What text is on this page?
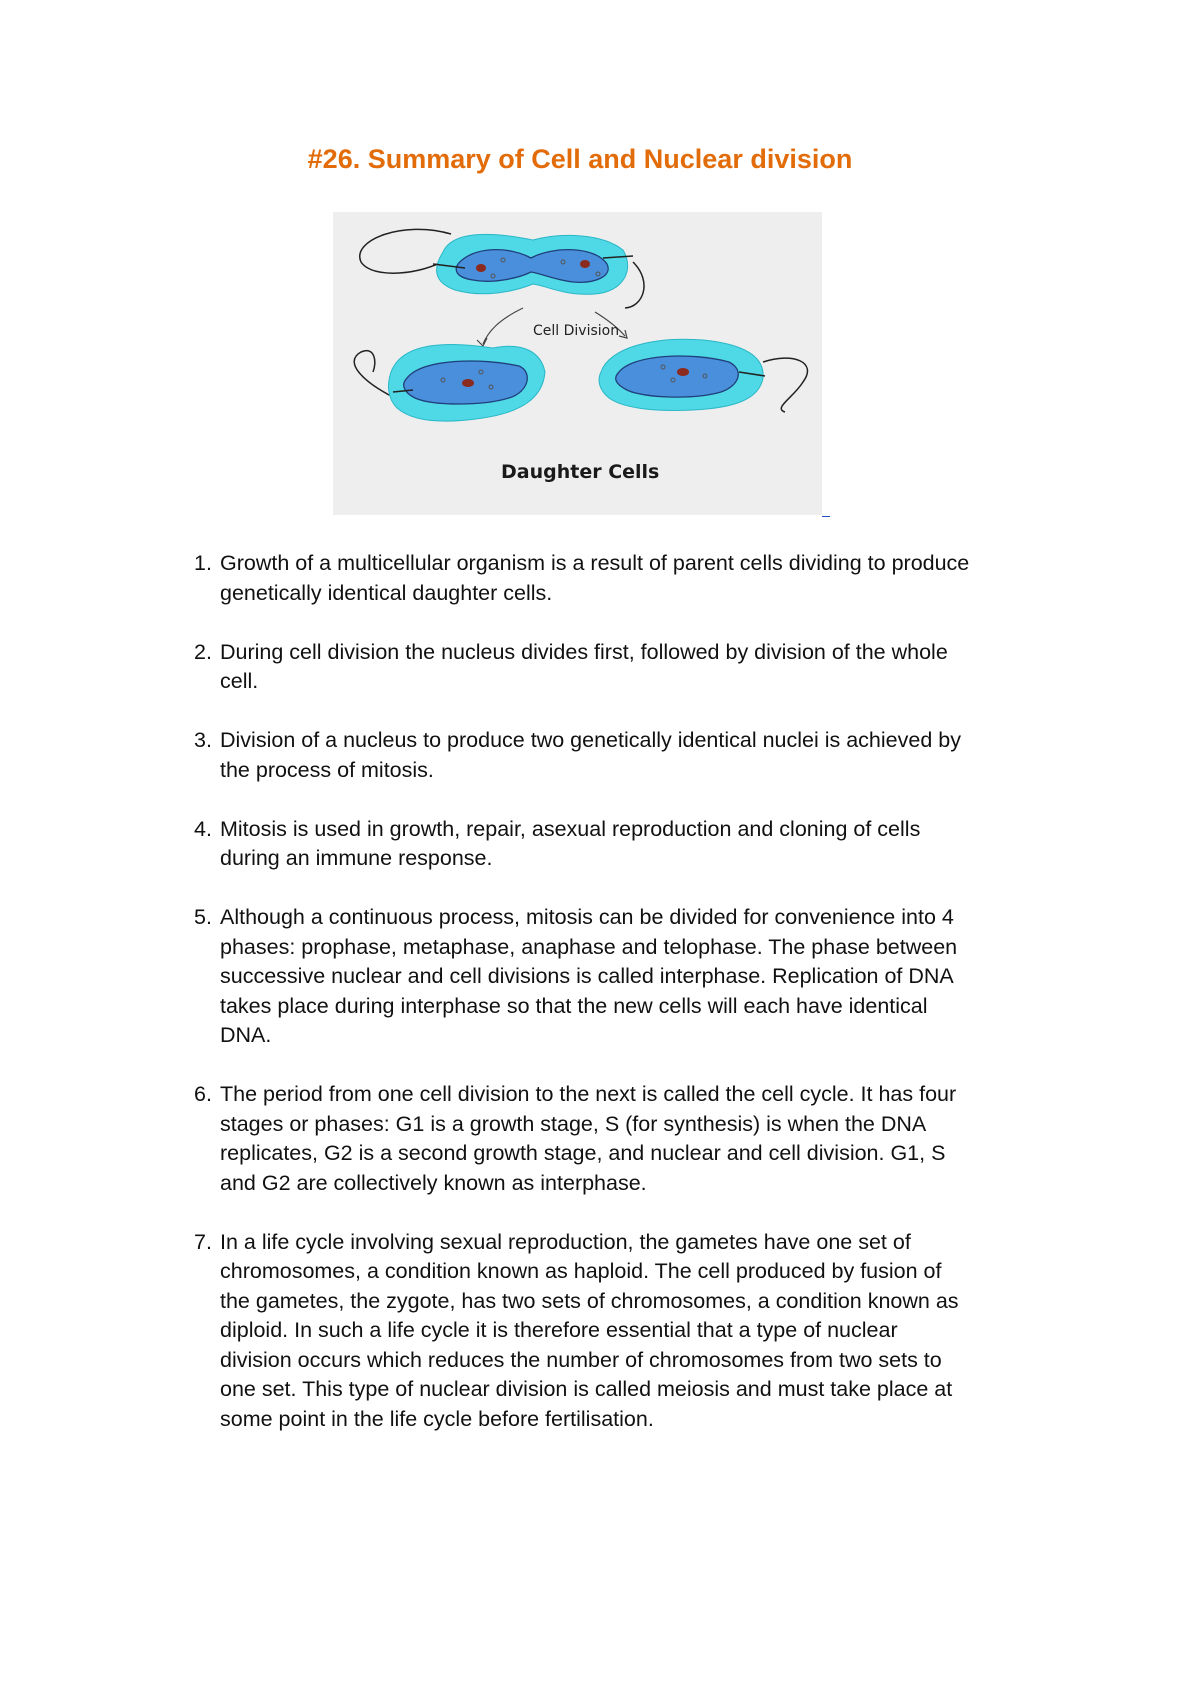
#26. Summary of Cell and Nuclear division
Cell Division
Daughter Cells
1. Growth of a multicellular organism is a result of parent cells dividing to produce genetically identical daughter cells.
2. During cell division the nucleus divides first, followed by division of the whole cell.
3. Division of a nucleus to produce two genetically identical nuclei is achieved by the process of mitosis.
4. Mitosis is used in growth, repair, asexual reproduction and cloning of cells during an immune response.
5. Although a continuous process, mitosis can be divided for convenience into 4 phases: prophase, metaphase, anaphase and telophase. The phase between successive nuclear and cell divisions is called interphase. Replication of DNA takes place during interphase so that the new cells will each have identical DNA.
6. The period from one cell division to the next is called the cell cycle. It has four stages or phases: G1 is a growth stage, S (for synthesis) is when the DNA replicates, G2 is a second growth stage, and nuclear and cell division. G1, S and G2 are collectively known as interphase.
7. In a life cycle involving sexual reproduction, the gametes have one set of chromosomes, a condition known as haploid. The cell produced by fusion of the gametes, the zygote, has two sets of chromosomes, a condition known as diploid. In such a life cycle it is therefore essential that a type of nuclear division occurs which reduces the number of chromosomes from two sets to one set. This type of nuclear division is called meiosis and must take place at some point in the life cycle before fertilisation.
